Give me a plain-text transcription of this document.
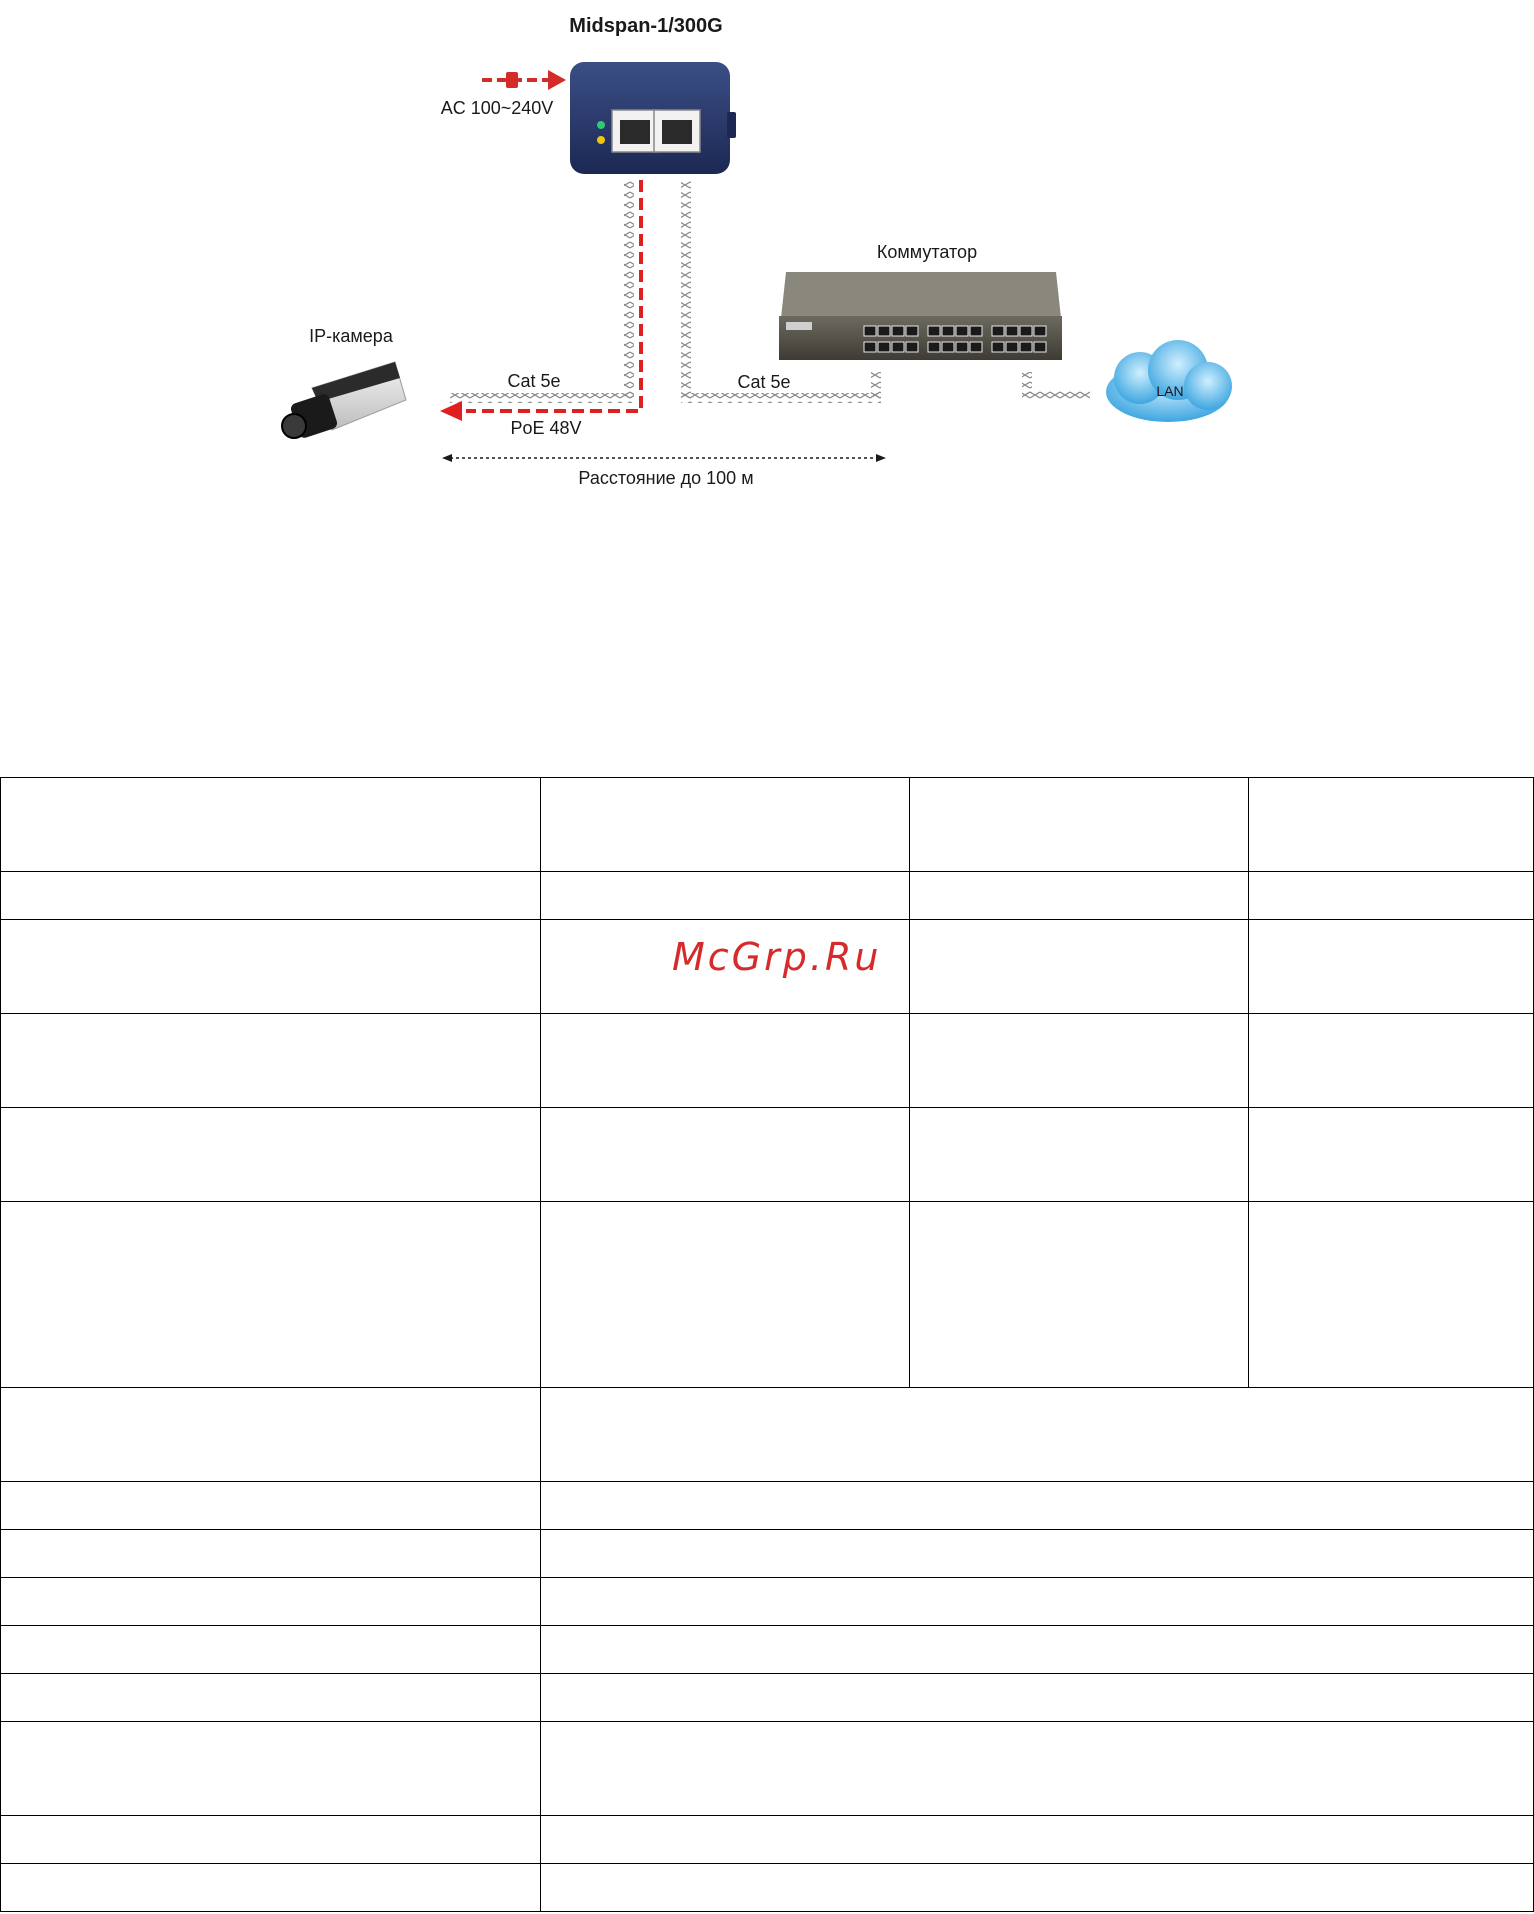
Midspan-1/300G
AC 100~240V
Cat 5e
PoE 48V
Cat 5e
Коммутатор
LAN
IP-камера
Расстояние до 100 м

McGrp.Ru
